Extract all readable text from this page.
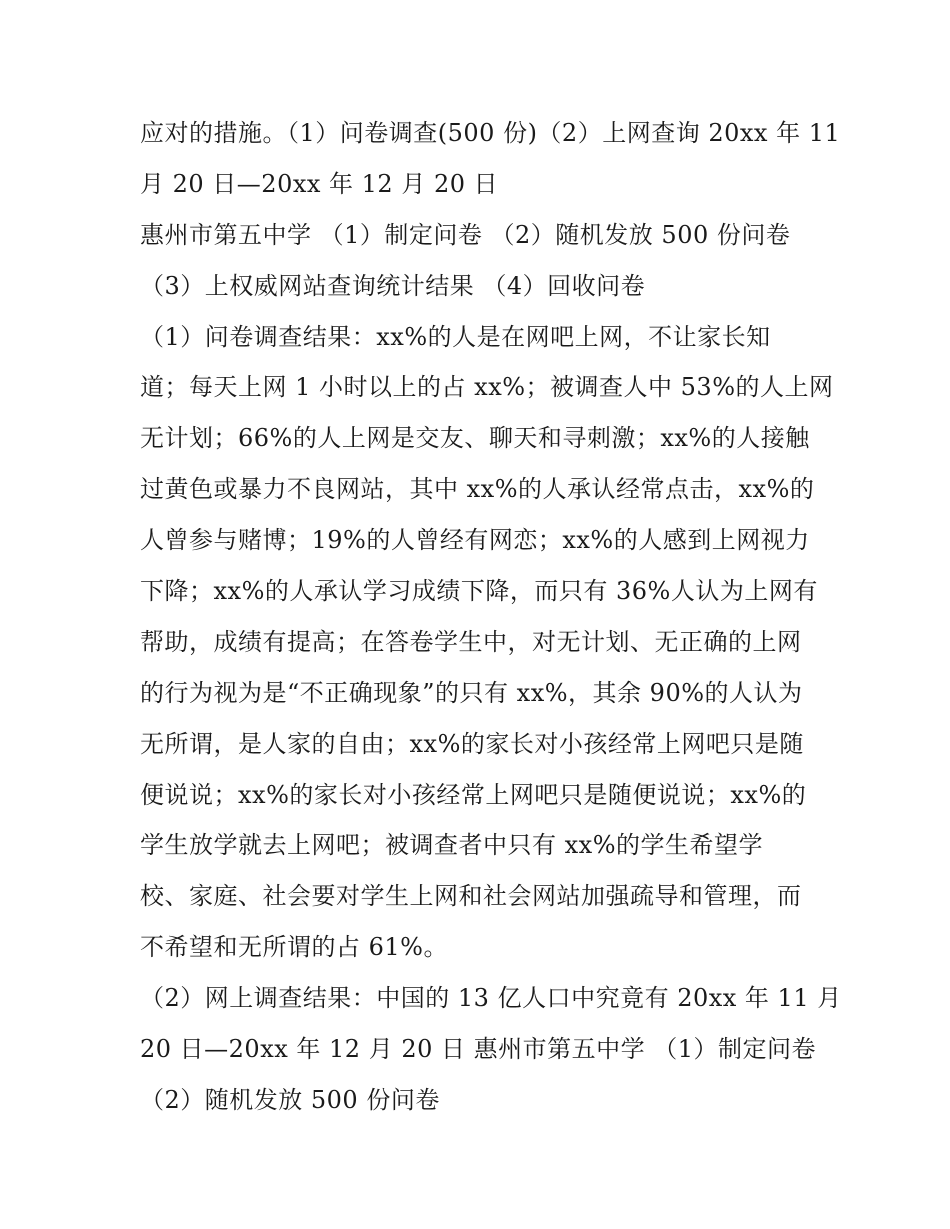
应对的措施。（1）问卷调查(500 份)（2）上网查询 20xx 年 11
月 20 日—20xx 年 12 月 20 日
惠州市第五中学 （1）制定问卷 （2）随机发放 500 份问卷
（3）上权威网站查询统计结果 （4）回收问卷
（1）问卷调查结果：xx%的人是在网吧上网，不让家长知
道；每天上网 1 小时以上的占 xx%；被调查人中 53%的人上网
无计划；66%的人上网是交友、聊天和寻刺激；xx%的人接触
过黄色或暴力不良网站，其中 xx%的人承认经常点击，xx%的
人曾参与赌博；19%的人曾经有网恋；xx%的人感到上网视力
下降；xx%的人承认学习成绩下降，而只有 36%人认为上网有
帮助，成绩有提高；在答卷学生中，对无计划、无正确的上网
的行为视为是“不正确现象”的只有 xx%，其余 90%的人认为
无所谓，是人家的自由；xx%的家长对小孩经常上网吧只是随
便说说；xx%的家长对小孩经常上网吧只是随便说说；xx%的
学生放学就去上网吧；被调查者中只有 xx%的学生希望学
校、家庭、社会要对学生上网和社会网站加强疏导和管理，而
不希望和无所谓的占 61%。
（2）网上调查结果：中国的 13 亿人口中究竟有 20xx 年 11 月
20 日—20xx 年 12 月 20 日 惠州市第五中学 （1）制定问卷
（2）随机发放 500 份问卷
